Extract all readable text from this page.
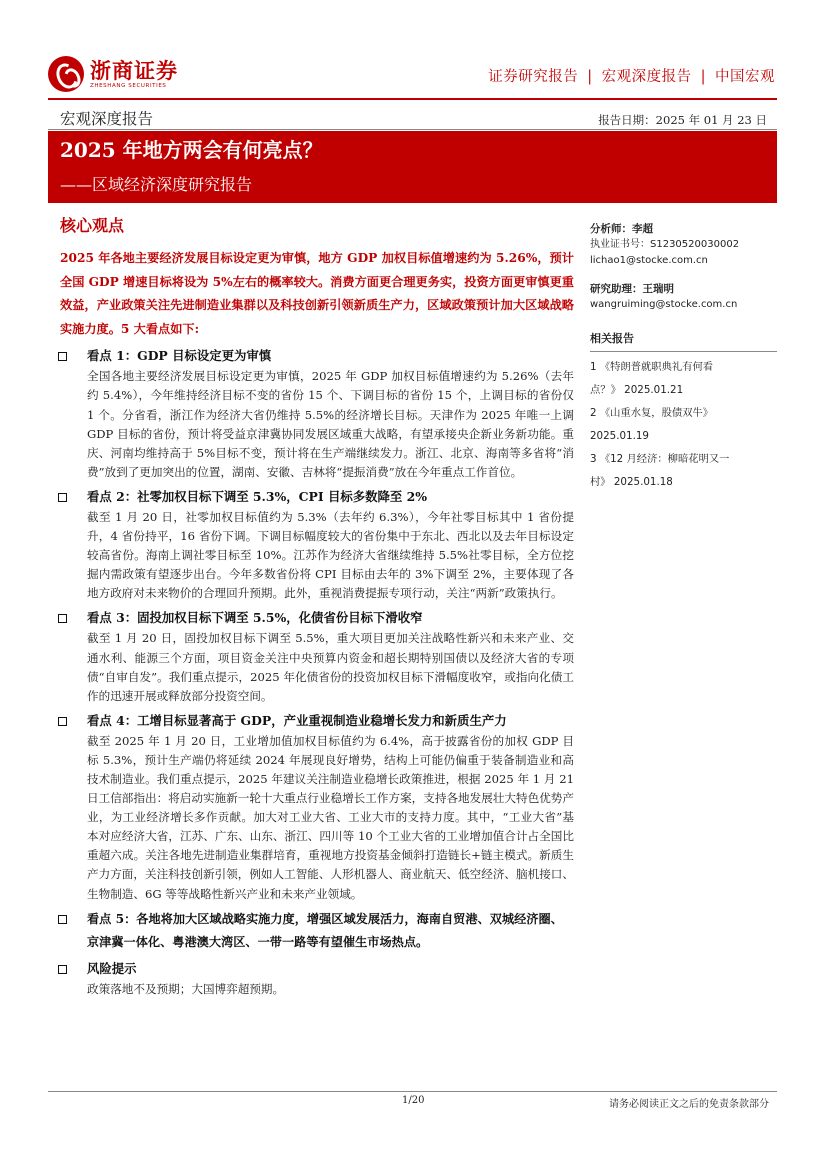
浙商证券
ZHESHANG SECURITIES
证券研究报告 | 宏观深度报告 | 中国宏观
宏观深度报告	报告日期：2025 年 01 月 23 日
2025 年地方两会有何亮点？
——区域经济深度研究报告
核心观点
2025 年各地主要经济发展目标设定更为审慎，地方 GDP 加权目标值增速约为 5.26%，预计全国 GDP 增速目标将设为 5%左右的概率较大。消费方面更合理更务实，投资方面更审慎更重效益，产业政策关注先进制造业集群以及科技创新引领新质生产力，区域政策预计加大区域战略实施力度。5 大看点如下:
看点 1：GDP 目标设定更为审慎
全国各地主要经济发展目标设定更为审慎，2025 年 GDP 加权目标值增速约为 5.26%（去年约 5.4%），今年维持经济目标不变的省份 15 个、下调目标的省份 15 个，上调目标的省份仅 1 个。分省看，浙江作为经济大省仍维持 5.5%的经济增长目标。天津作为 2025 年唯一上调 GDP 目标的省份，预计将受益京津冀协同发展区域重大战略，有望承接央企新业务新功能。重庆、河南均维持高于 5%目标不变，预计将在生产端继续发力。浙江、北京、海南等多省将“消费”放到了更加突出的位置，湖南、安徽、吉林将“提振消费”放在今年重点工作首位。
看点 2：社零加权目标下调至 5.3%，CPI 目标多数降至 2%
截至 1 月 20 日，社零加权目标值约为 5.3%（去年约 6.3%），今年社零目标其中 1 省份提升，4 省份持平，16 省份下调。下调目标幅度较大的省份集中于东北、西北以及去年目标设定较高省份。海南上调社零目标至 10%。江苏作为经济大省继续维持 5.5%社零目标，全方位挖掘内需政策有望逐步出台。今年多数省份将 CPI 目标由去年的 3%下调至 2%，主要体现了各地方政府对未来物价的合理回升预期。此外，重视消费提振专项行动，关注“两新”政策执行。
看点 3：固投加权目标下调至 5.5%，化债省份目标下滑收窄
截至 1 月 20 日，固投加权目标下调至 5.5%，重大项目更加关注战略性新兴和未来产业、交通水利、能源三个方面，项目资金关注中央预算内资金和超长期特别国债以及经济大省的专项债“自审自发”。我们重点提示，2025 年化债省份的投资加权目标下滑幅度收窄，或指向化债工作的迅速开展或释放部分投资空间。
看点 4：工增目标显著高于 GDP，产业重视制造业稳增长发力和新质生产力
截至 2025 年 1 月 20 日，工业增加值加权目标值约为 6.4%，高于披露省份的加权 GDP 目标 5.3%，预计生产端仍将延续 2024 年展现良好增势，结构上可能仍偏重于装备制造业和高技术制造业。我们重点提示，2025 年建议关注制造业稳增长政策推进，根据 2025 年 1 月 21 日工信部指出：将启动实施新一轮十大重点行业稳增长工作方案，支持各地发展壮大特色优势产业，为工业经济增长多作贡献。加大对工业大省、工业大市的支持力度。其中，“工业大省”基本对应经济大省，江苏、广东、山东、浙江、四川等 10 个工业大省的工业增加值合计占全国比重超六成。关注各地先进制造业集群培育，重视地方投资基金倾斜打造链长+链主模式。新质生产力方面，关注科技创新引领，例如人工智能、人形机器人、商业航天、低空经济、脑机接口、生物制造、6G 等等战略性新兴产业和未来产业领域。
看点 5：各地将加大区域战略实施力度，增强区域发展活力，海南自贸港、双城经济圈、京津冀一体化、粤港澳大湾区、一带一路等有望催生市场热点。
风险提示
政策落地不及预期；大国博弈超预期。
分析师：李超
执业证书号：S1230520030002
lichao1@stocke.com.cn
研究助理：王瑞明
wangruiming@stocke.com.cn
相关报告
1 《特朗普就职典礼有何看
点？》 2025.01.21
2 《山重水复，股债双牛》
2025.01.19
3 《12 月经济：柳暗花明又一
村》 2025.01.18
1/20	请务必阅读正文之后的免责条款部分
